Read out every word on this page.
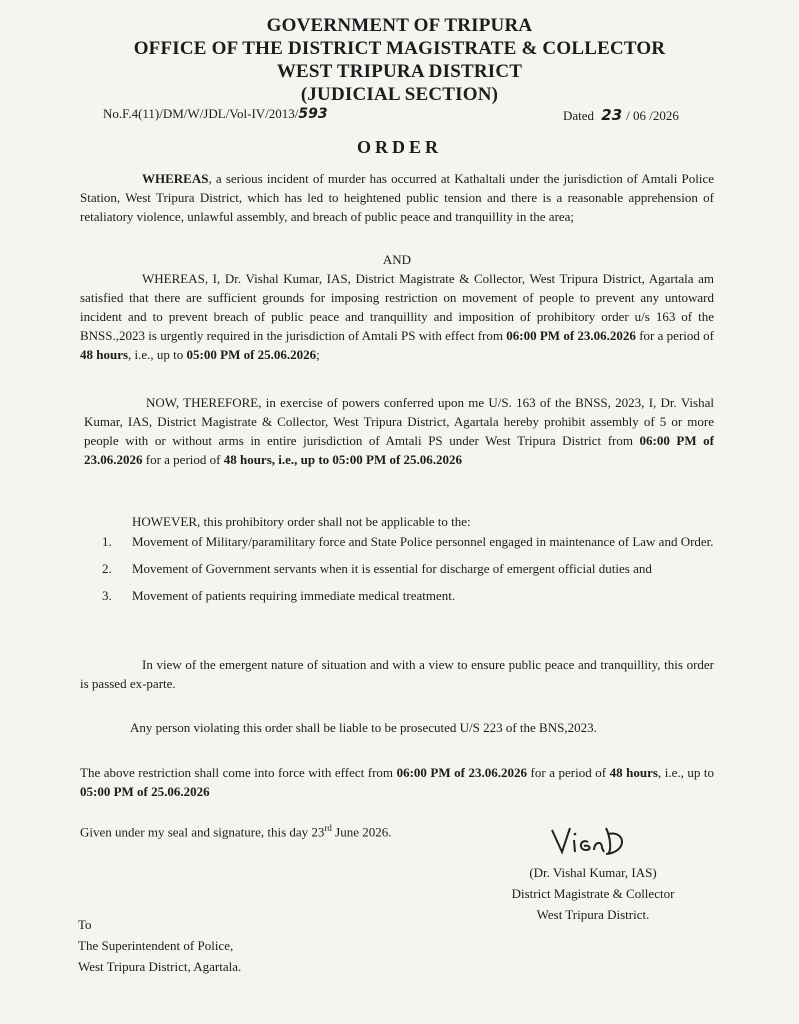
GOVERNMENT OF TRIPURA
OFFICE OF THE DISTRICT MAGISTRATE & COLLECTOR
WEST TRIPURA DISTRICT
(JUDICIAL SECTION)
No.F.4(11)/DM/W/JDL/Vol-IV/2013/593	Dated 23 / 06 /2026
ORDER
WHEREAS, a serious incident of murder has occurred at Kathaltali under the jurisdiction of Amtali Police Station, West Tripura District, which has led to heightened public tension and there is a reasonable apprehension of retaliatory violence, unlawful assembly, and breach of public peace and tranquillity in the area;
AND
WHEREAS, I, Dr. Vishal Kumar, IAS, District Magistrate & Collector, West Tripura District, Agartala am satisfied that there are sufficient grounds for imposing restriction on movement of people to prevent any untoward incident and to prevent breach of public peace and tranquillity and imposition of prohibitory order u/s 163 of the BNSS.,2023 is urgently required in the jurisdiction of Amtali PS with effect from 06:00 PM of 23.06.2026 for a period of 48 hours, i.e., up to 05:00 PM of 25.06.2026;
NOW, THEREFORE, in exercise of powers conferred upon me U/S. 163 of the BNSS, 2023, I, Dr. Vishal Kumar, IAS, District Magistrate & Collector, West Tripura District, Agartala hereby prohibit assembly of 5 or more people with or without arms in entire jurisdiction of Amtali PS under West Tripura District from 06:00 PM of 23.06.2026 for a period of 48 hours, i.e., up to 05:00 PM of 25.06.2026
HOWEVER, this prohibitory order shall not be applicable to the:
1. Movement of Military/paramilitary force and State Police personnel engaged in maintenance of Law and Order.
2. Movement of Government servants when it is essential for discharge of emergent official duties and
3. Movement of patients requiring immediate medical treatment.
In view of the emergent nature of situation and with a view to ensure public peace and tranquillity, this order is passed ex-parte.
Any person violating this order shall be liable to be prosecuted U/S 223 of the BNS,2023.
The above restriction shall come into force with effect from 06:00 PM of 23.06.2026 for a period of 48 hours, i.e., up to 05:00 PM of 25.06.2026
Given under my seal and signature, this day 23rd June 2026.
(Dr. Vishal Kumar, IAS)
District Magistrate & Collector
West Tripura District.
To
The Superintendent of Police,
West Tripura District, Agartala.
